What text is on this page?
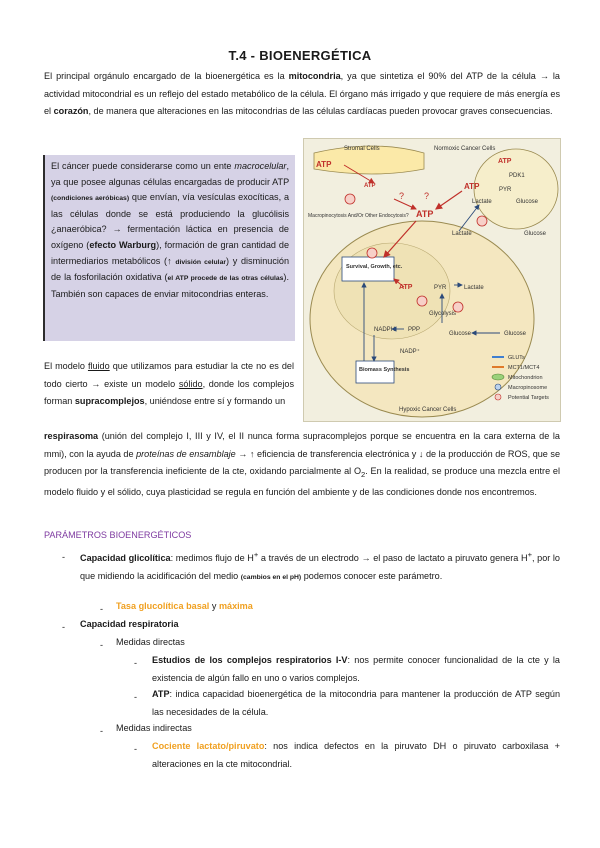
T.4 - BIOENERGÉTICA

El principal orgánulo encargado de la bioenergética es la mitocondria, ya que sintetiza el 90% del ATP de la célula → la actividad mitocondrial es un reflejo del estado metabólico de la célula. El órgano más irrigado y que requiere de más energía es el corazón, de manera que alteraciones en las mitocondrias de las células cardíacas pueden provocar graves consecuencias.

El cáncer puede considerarse como un ente macrocelular, ya que posee algunas células encargadas de producir ATP (condiciones aeróbicas) que envían, vía vesículas exocíticas, a las células donde se está produciendo la glucólisis ¿anaeróbica? → fermentación láctica en presencia de oxígeno (efecto Warburg), formación de gran cantidad de intermediarios metabólicos (↑ división celular) y disminución de la fosforilación oxidativa (el ATP procede de las otras células). También son capaces de enviar mitocondrias enteras.
Stromal Cells	Normoxic Cancer Cells
Hypoxic Cancer Cells
ATP
ATP	ATP
ATP
ATP
ATP
? ?
PDK1
PYR
Lactate	Glucose
Lactate	Glucose
Macropinocytosis And/Or Other Endocytosis?
Survival, Growth, etc.
PYR	Lactate
Glycolysis
Glucose	Glucose
NADPH PPP
NADP⁺
Biomass Synthesis
GLUTs
MCT1/MCT4
Mitochondrion
Macropinosome
Potential Targets

El modelo fluido que utilizamos para estudiar la cte no es del todo cierto → existe un modelo sólido, donde los complejos forman supracomplejos, uniéndose entre sí y formando un

respirasoma (unión del complejo I, III y IV, el II nunca forma supracomplejos porque se encuentra en la cara externa de la mmi), con la ayuda de proteínas de ensamblaje → ↑ eficiencia de transferencia electrónica y ↓ de la producción de ROS, que se producen por la transferencia ineficiente de la cte, oxidando parcialmente al $O_2$. En la realidad, se produce una mezcla entre el modelo fluido y el sólido, cuya plasticidad se regula en función del ambiente y de las condiciones donde nos encontremos.

PARÁMETROS BIOENERGÉTICOS
- Capacidad glicolítica: medimos flujo de H+ a través de un electrodo → el paso de lactato a piruvato genera H+, por lo que midiendo la acidificación del medio (cambios en el pH) podemos conocer este parámetro.

- Tasa glucolítica basal y máxima

- Capacidad respiratoria

- Medidas directas

- Estudios de los complejos respiratorios I-V: nos permite conocer funcionalidad de la cte y la existencia de algún fallo en uno o varios complejos.

- ATP: indica capacidad bioenergética de la mitocondria para mantener la producción de ATP según las necesidades de la célula.

- Medidas indirectas

- Cociente lactato/piruvato: nos indica defectos en la piruvato DH o piruvato carboxilasa + alteraciones en la cte mitocondrial.
